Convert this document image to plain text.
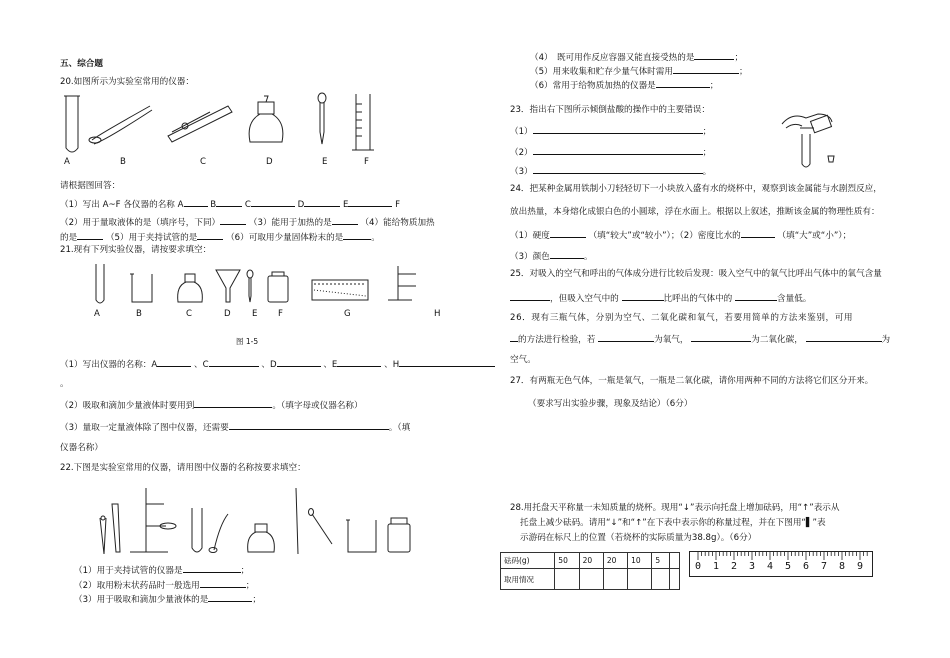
五、综合题
20.如图所示为实验室常用的仪器：
A	B	C	D	E	F
请根据图回答：
（1）写出 A~F 各仪器的名称 A	B	C	D	E	F
（2）用于量取液体的是（填序号，下同）	（3）能用于加热的是	（4）能给物质加热
的是	（5）用于夹持试管的是	（6）可取用少量固体粉末的是	。
21.现有下列实验仪器，请按要求填空：
A	B	C	D E F	G	H
图 1-5
（1）写出仪器的名称：A	、C	、D	、E	、H
。
（2）吸取和滴加少量液体时要用到	。（填字母或仪器名称）
（3）量取一定量液体除了图中仪器，还需要	。（填
仪器名称）
22.下图是实验室常用的仪器，请用图中仪器的名称按要求填空：
（1）用于夹持试管的仪器是	；
（2）取用粉末状药品时一般选用	；
（3）用于吸取和滴加少量液体的是	；
（4）　既可用作反应容器又能直接受热的是	；
（5）用来收集和贮存少量气体时需用	；
（6）常用于给物质加热的仪器是	；
23．指出右下图所示倾倒盐酸的操作中的主要错误：
（1）	；
（2）	；
（3）	。
24．把某种金属用铁制小刀轻轻切下一小块放入盛有水的烧杯中，观察到该金属能与水剧烈反应，
放出热量，本身熔化成银白色的小圆球，浮在水面上。根据以上叙述，推断该金属的物理性质有：
（1）硬度	（填“较大”或“较小”）；（2）密度比水的	（填“大”或“小”）；
（3）颜色	。
25．对吸入的空气和呼出的气体成分进行比较后发现：吸入空气中的氧气比呼出气体中的氧气含量
，但吸入空气中的	比呼出的气体中的	含量低。
26．现有三瓶气体，分别为空气、二氧化碳和氧气，若要用简单的方法来鉴别，可用
的方法进行检验，若	为氧气，	为二氧化碳，	为
空气。
27．有两瓶无色气体，一瓶是氧气，一瓶是二氧化碳，请你用两种不同的方法将它们区分开来。
（要求写出实验步骤，现象及结论）（6分）
28.用托盘天平称量一未知质量的烧杯。现用“↓”表示向托盘上增加砝码，用“↑”表示从
托盘上减少砝码。请用“↓”和“↑”在下表中表示你的称量过程，并在下图用“▌”表
示游码在标尺上的位置（若烧杯的实际质量为38.8g）。（6分）
砝码(g)	50	20	20	10	5	
取用情况						
0 1 2 3 4 5 6 7 8 9
